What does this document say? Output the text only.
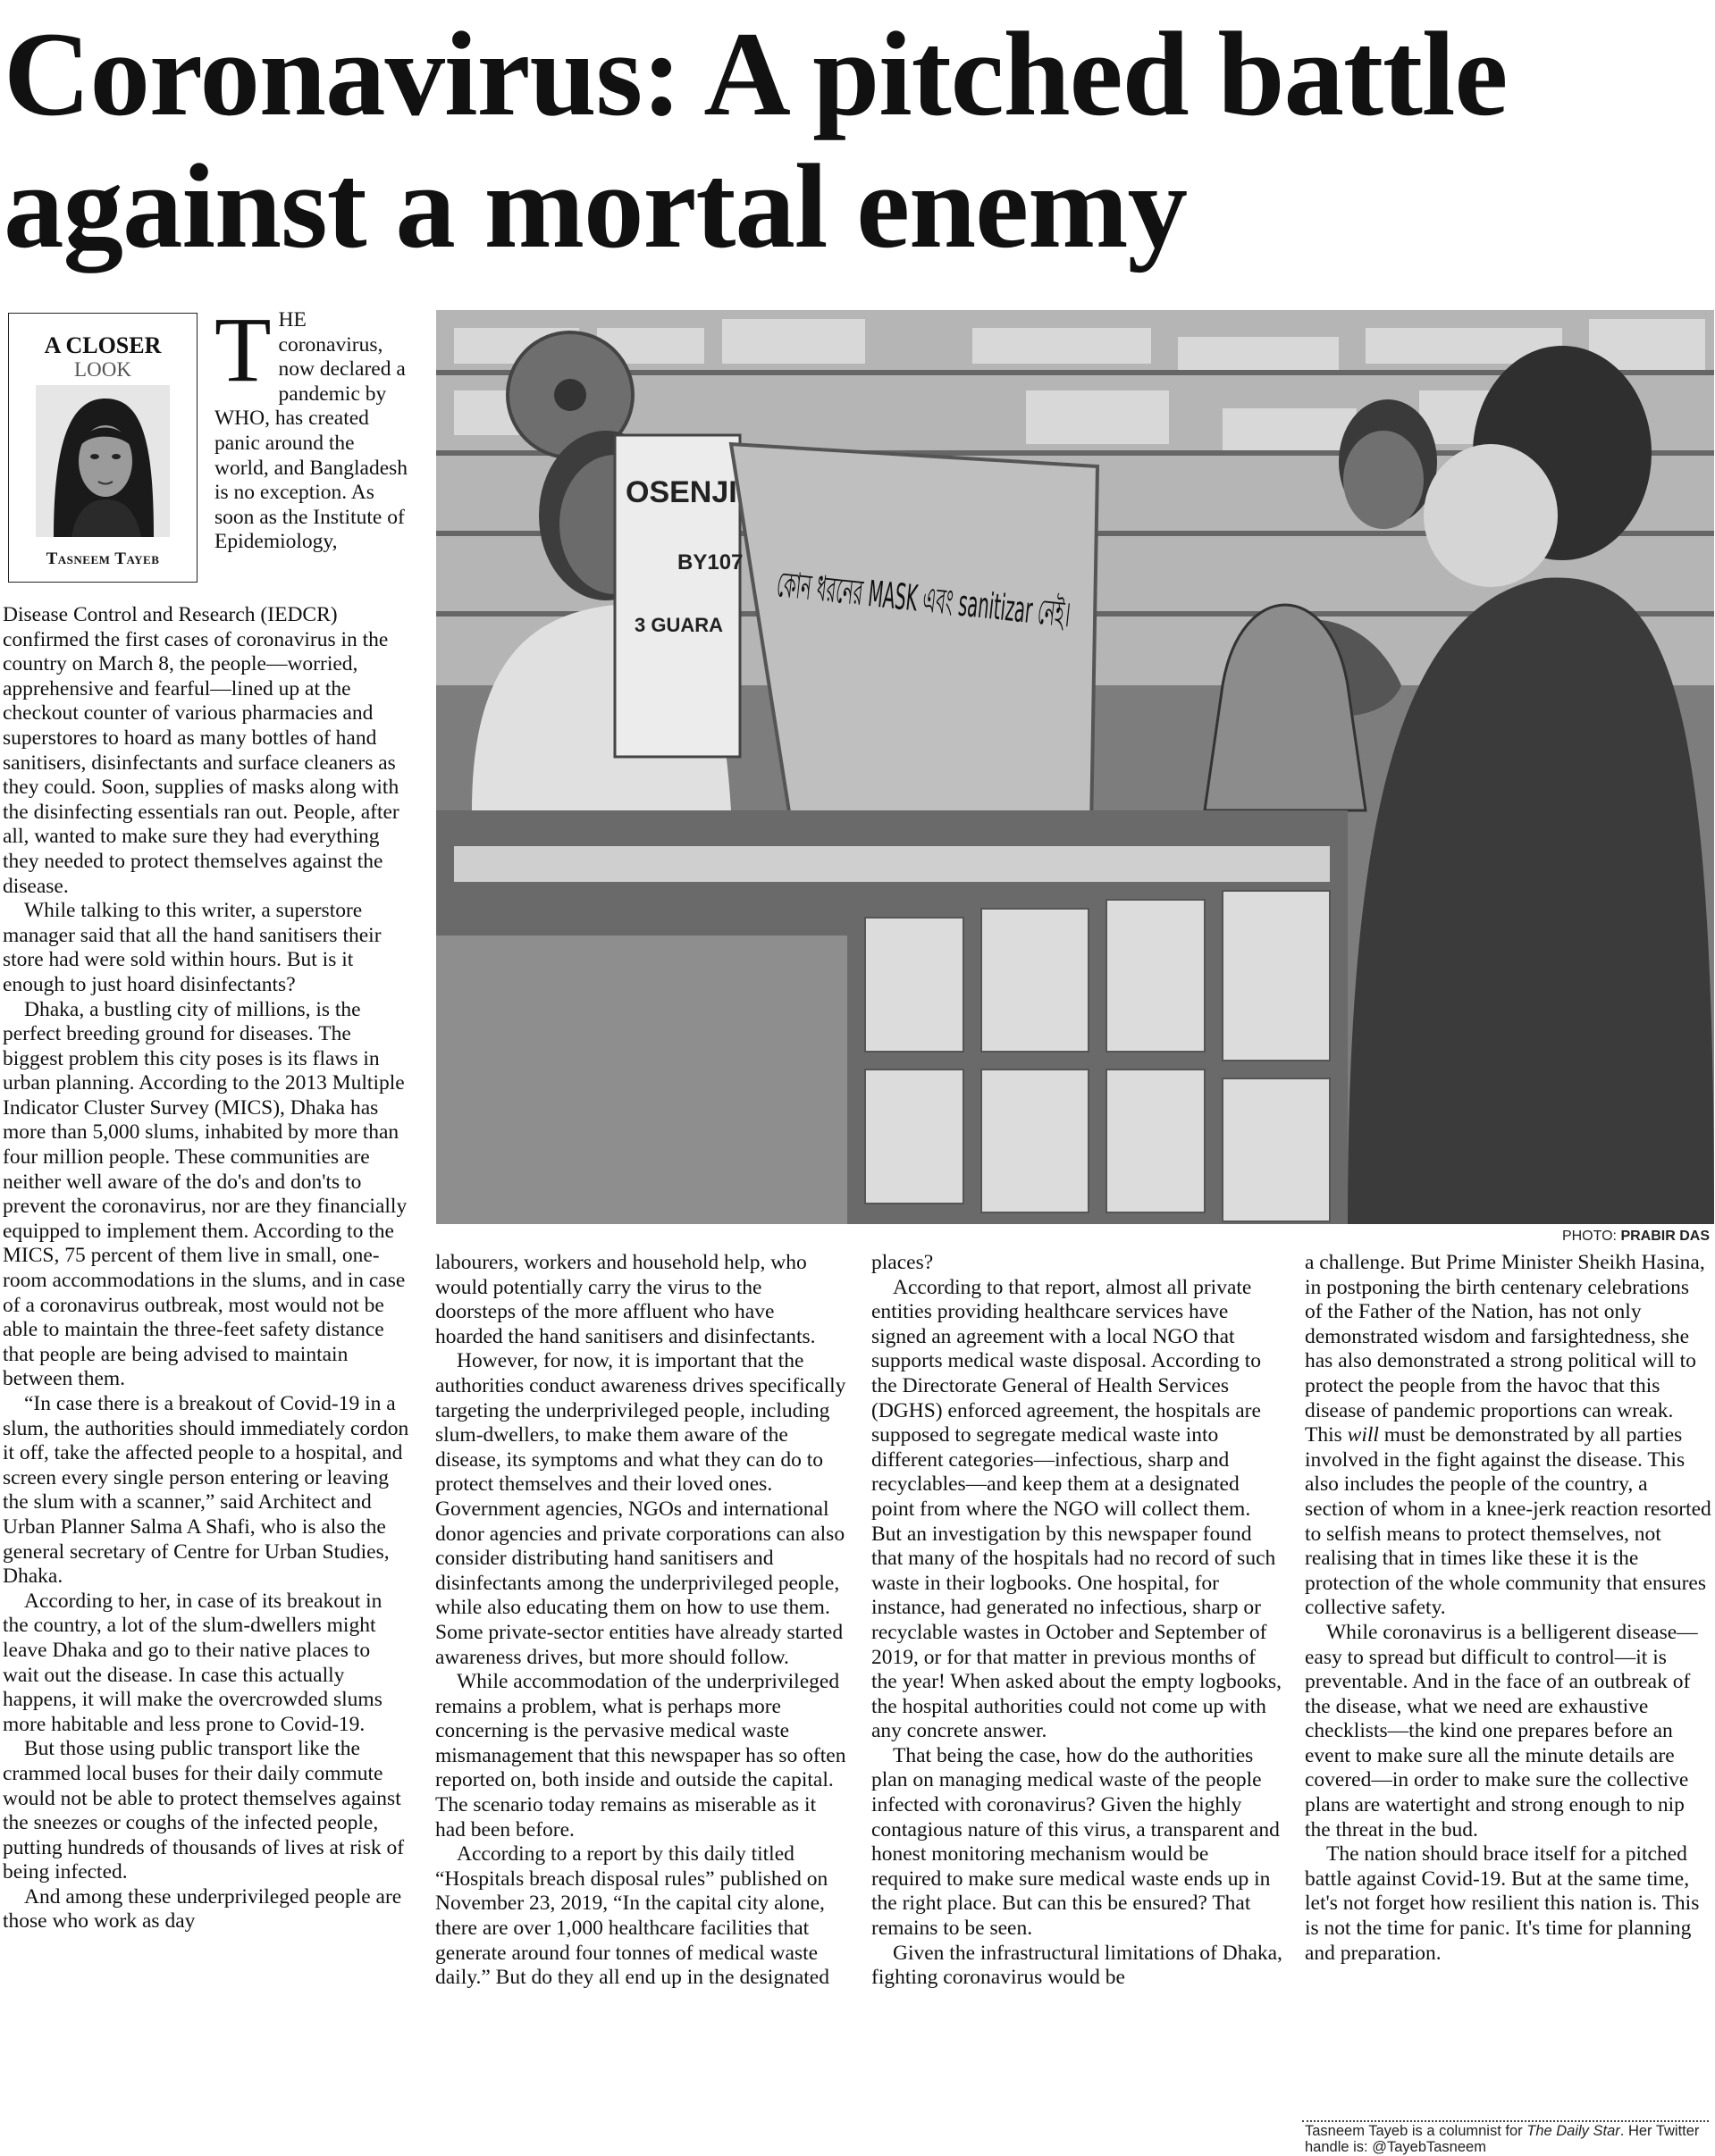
Coronavirus: A pitched battle against a mortal enemy
A CLOSER
LOOK
Tasneem Tayeb
OSENJI
BY107
3 GUARA
PHOTO: PRABIR DAS

THE coronavirus, now declared a pandemic by WHO, has created panic around the world, and Bangladesh is no exception. As soon as the Institute of Epidemiology,

Disease Control and Research (IEDCR) confirmed the first cases of coronavirus in the country on March 8, the people—worried, apprehensive and fearful—lined up at the checkout counter of various pharmacies and superstores to hoard as many bottles of hand sanitisers, disinfectants and surface cleaners as they could. Soon, supplies of masks along with the disinfecting essentials ran out. People, after all, wanted to make sure they had everything they needed to protect themselves against the disease.

While talking to this writer, a superstore manager said that all the hand sanitisers their store had were sold within hours. But is it enough to just hoard disinfectants?

Dhaka, a bustling city of millions, is the perfect breeding ground for diseases. The biggest problem this city poses is its flaws in urban planning. According to the 2013 Multiple Indicator Cluster Survey (MICS), Dhaka has more than 5,000 slums, inhabited by more than four million people. These communities are neither well aware of the do's and don'ts to prevent the coronavirus, nor are they financially equipped to implement them. According to the MICS, 75 percent of them live in small, one-room accommodations in the slums, and in case of a coronavirus outbreak, most would not be able to maintain the three-feet safety distance that people are being advised to maintain between them.

“In case there is a breakout of Covid-19 in a slum, the authorities should immediately cordon it off, take the affected people to a hospital, and screen every single person entering or leaving the slum with a scanner,” said Architect and Urban Planner Salma A Shafi, who is also the general secretary of Centre for Urban Studies, Dhaka.

According to her, in case of its breakout in the country, a lot of the slum-dwellers might leave Dhaka and go to their native places to wait out the disease. In case this actually happens, it will make the overcrowded slums more habitable and less prone to Covid-19.

But those using public transport like the crammed local buses for their daily commute would not be able to protect themselves against the sneezes or coughs of the infected people, putting hundreds of thousands of lives at risk of being infected.

And among these underprivileged people are those who work as day

labourers, workers and household help, who would potentially carry the virus to the doorsteps of the more affluent who have hoarded the hand sanitisers and disinfectants.

However, for now, it is important that the authorities conduct awareness drives specifically targeting the underprivileged people, including slum-dwellers, to make them aware of the disease, its symptoms and what they can do to protect themselves and their loved ones. Government agencies, NGOs and international donor agencies and private corporations can also consider distributing hand sanitisers and disinfectants among the underprivileged people, while also educating them on how to use them. Some private-sector entities have already started awareness drives, but more should follow.

While accommodation of the underprivileged remains a problem, what is perhaps more concerning is the pervasive medical waste mismanagement that this newspaper has so often reported on, both inside and outside the capital. The scenario today remains as miserable as it had been before.

According to a report by this daily titled “Hospitals breach disposal rules” published on November 23, 2019, “In the capital city alone, there are over 1,000 healthcare facilities that generate around four tonnes of medical waste daily.” But do they all end up in the designated

places?

According to that report, almost all private entities providing healthcare services have signed an agreement with a local NGO that supports medical waste disposal. According to the Directorate General of Health Services (DGHS) enforced agreement, the hospitals are supposed to segregate medical waste into different categories—infectious, sharp and recyclables—and keep them at a designated point from where the NGO will collect them. But an investigation by this newspaper found that many of the hospitals had no record of such waste in their logbooks. One hospital, for instance, had generated no infectious, sharp or recyclable wastes in October and September of 2019, or for that matter in previous months of the year! When asked about the empty logbooks, the hospital authorities could not come up with any concrete answer.

That being the case, how do the authorities plan on managing medical waste of the people infected with coronavirus? Given the highly contagious nature of this virus, a transparent and honest monitoring mechanism would be required to make sure medical waste ends up in the right place. But can this be ensured? That remains to be seen.

Given the infrastructural limitations of Dhaka, fighting coronavirus would be

a challenge. But Prime Minister Sheikh Hasina, in postponing the birth centenary celebrations of the Father of the Nation, has not only demonstrated wisdom and farsightedness, she has also demonstrated a strong political will to protect the people from the havoc that this disease of pandemic proportions can wreak. This will must be demonstrated by all parties involved in the fight against the disease. This also includes the people of the country, a section of whom in a knee-jerk reaction resorted to selfish means to protect themselves, not realising that in times like these it is the protection of the whole community that ensures collective safety.

While coronavirus is a belligerent disease—easy to spread but difficult to control—it is preventable. And in the face of an outbreak of the disease, what we need are exhaustive checklists—the kind one prepares before an event to make sure all the minute details are covered—in order to make sure the collective plans are watertight and strong enough to nip the threat in the bud.

The nation should brace itself for a pitched battle against Covid-19. But at the same time, let's not forget how resilient this nation is. This is not the time for panic. It's time for planning and preparation.

Tasneem Tayeb is a columnist for The Daily Star. Her Twitter handle is: @TayebTasneem
